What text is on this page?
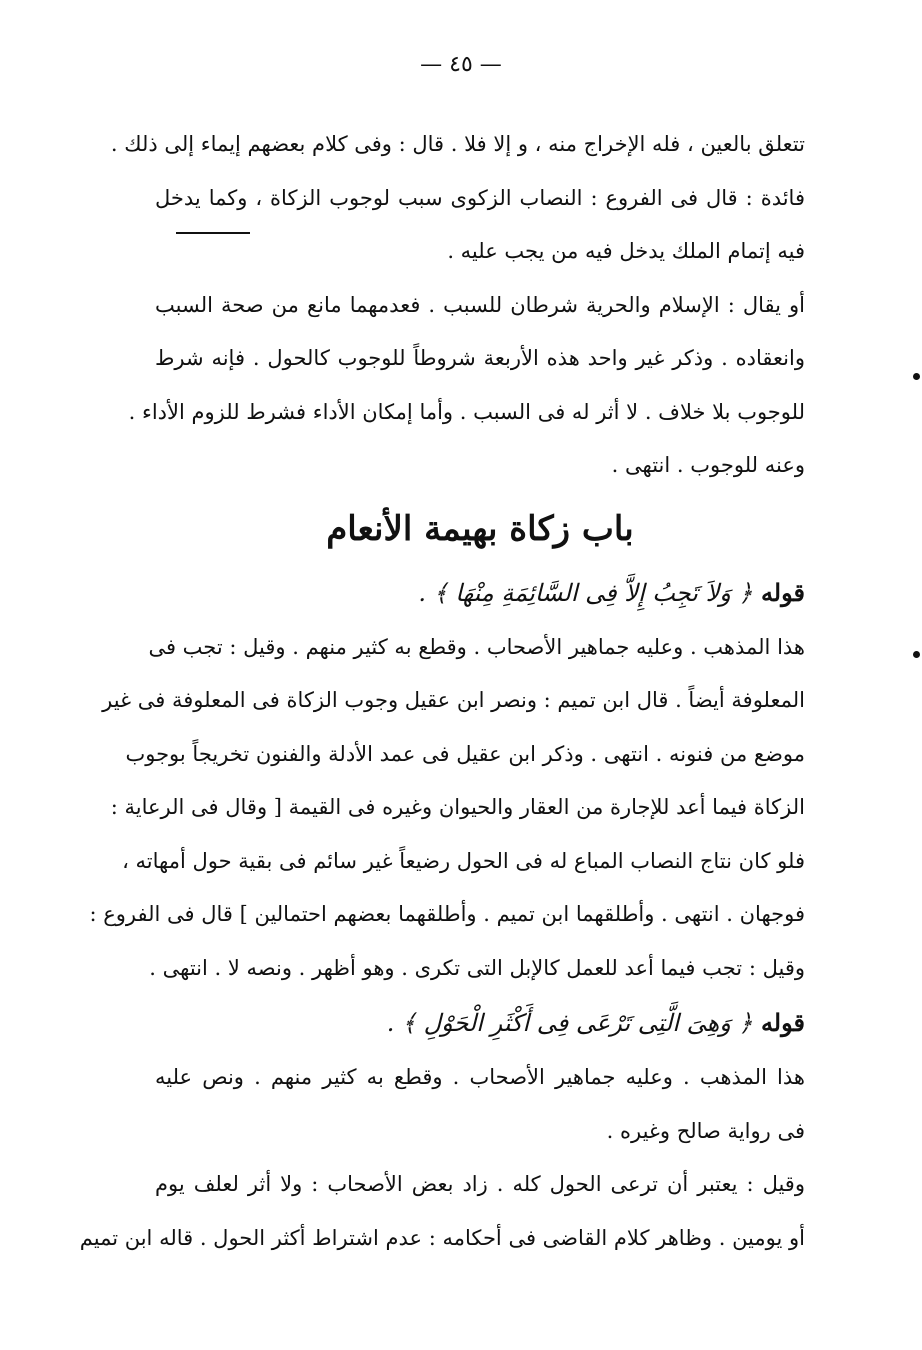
— ٤٥ —
تتعلق بالعين ، فله الإخراج منه ، و إلا فلا . قال : وفى كلام بعضهم إيماء إلى ذلك .
فائدة : قال فى الفروع : النصاب الزكوى سبب لوجوب الزكاة ، وكما يدخل
فيه إتمام الملك يدخل فيه من يجب عليه .
أو يقال : الإسلام والحرية شرطان للسبب . فعدمهما مانع من صحة السبب
وانعقاده . وذكر غير واحد هذه الأربعة شروطاً للوجوب كالحول . فإنه شرط
للوجوب بلا خلاف . لا أثر له فى السبب . وأما إمكان الأداء فشرط للزوم الأداء .
وعنه للوجوب . انتهى .
باب زكاة بهيمة الأنعام
قوله ﴿ وَلاَ تَجِبُ إِلاَّ فِى السَّائِمَةِ مِنْهَا ﴾ .
هذا المذهب . وعليه جماهير الأصحاب . وقطع به كثير منهم . وقيل : تجب فى
المعلوفة أيضاً . قال ابن تميم : ونصر ابن عقيل وجوب الزكاة فى المعلوفة فى غير
موضع من فنونه . انتهى . وذكر ابن عقيل فى عمد الأدلة والفنون تخريجاً بوجوب
الزكاة فيما أعد للإجارة من العقار والحيوان وغيره فى القيمة [ وقال فى الرعاية :
فلو كان نتاج النصاب المباع له فى الحول رضيعاً غير سائم فى بقية حول أمهاته ،
فوجهان . انتهى . وأطلقهما ابن تميم . وأطلقهما بعضهم احتمالين ] قال فى الفروع :
وقيل : تجب فيما أعد للعمل كالإبل التى تكرى . وهو أظهر . ونصه لا . انتهى .
قوله ﴿ وَهِىَ الَّتِى تَرْعَى فِى أَكْثَرِ الْحَوْلِ ﴾ .
هذا المذهب . وعليه جماهير الأصحاب . وقطع به كثير منهم . ونص عليه
فى رواية صالح وغيره .
وقيل : يعتبر أن ترعى الحول كله . زاد بعض الأصحاب : ولا أثر لعلف يوم
أو يومين . وظاهر كلام القاضى فى أحكامه : عدم اشتراط أكثر الحول . قاله ابن تميم
